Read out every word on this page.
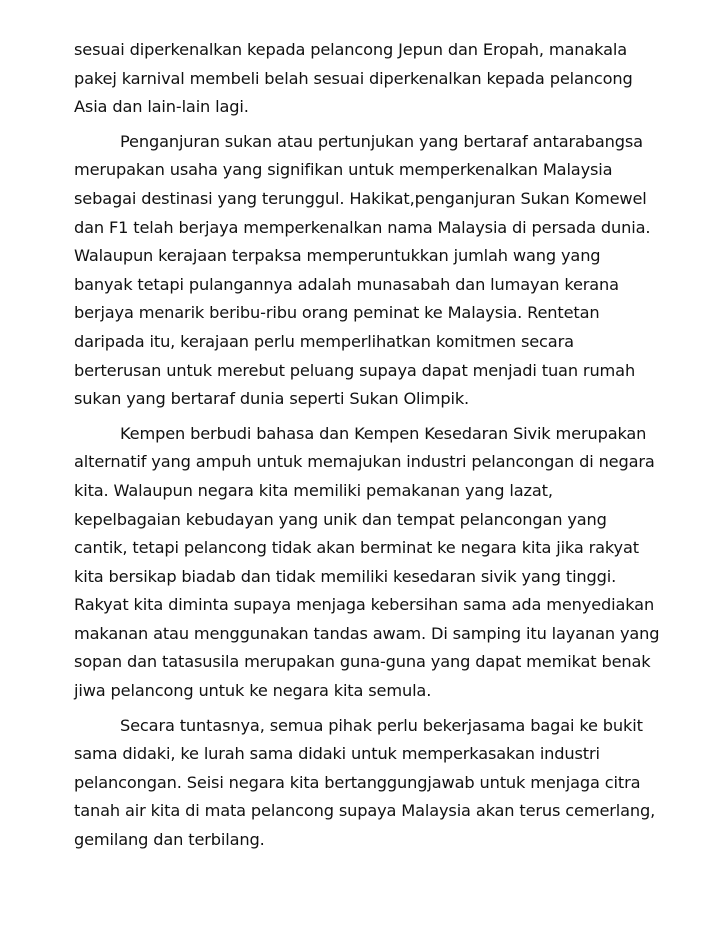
sesuai diperkenalkan kepada pelancong Jepun dan Eropah, manakala
pakej karnival membeli belah sesuai diperkenalkan kepada pelancong
Asia dan lain-lain lagi.

Penganjuran sukan atau pertunjukan yang bertaraf antarabangsa
merupakan usaha yang signifikan untuk memperkenalkan Malaysia
sebagai destinasi yang terunggul. Hakikat,penganjuran Sukan Komewel
dan F1 telah berjaya memperkenalkan nama Malaysia di persada dunia.
Walaupun kerajaan terpaksa memperuntukkan jumlah wang yang
banyak tetapi pulangannya adalah munasabah dan lumayan kerana
berjaya menarik beribu-ribu orang peminat ke Malaysia. Rentetan
daripada itu, kerajaan perlu memperlihatkan komitmen secara
berterusan untuk merebut peluang supaya dapat menjadi tuan rumah
sukan yang bertaraf dunia seperti Sukan Olimpik.

Kempen berbudi bahasa dan Kempen Kesedaran Sivik merupakan
alternatif yang ampuh untuk memajukan industri pelancongan di negara
kita. Walaupun negara kita memiliki pemakanan yang lazat,
kepelbagaian kebudayan yang unik dan tempat pelancongan yang
cantik, tetapi pelancong tidak akan berminat ke negara kita jika rakyat
kita bersikap biadab dan tidak memiliki kesedaran sivik yang tinggi.
Rakyat kita diminta supaya menjaga kebersihan sama ada menyediakan
makanan atau menggunakan tandas awam. Di samping itu layanan yang
sopan dan tatasusila merupakan guna-guna yang dapat memikat benak
jiwa pelancong untuk ke negara kita semula.

Secara tuntasnya, semua pihak perlu bekerjasama bagai ke bukit
sama didaki, ke lurah sama didaki untuk memperkasakan industri
pelancongan. Seisi negara kita bertanggungjawab untuk menjaga citra
tanah air kita di mata pelancong supaya Malaysia akan terus cemerlang,
gemilang dan terbilang.
